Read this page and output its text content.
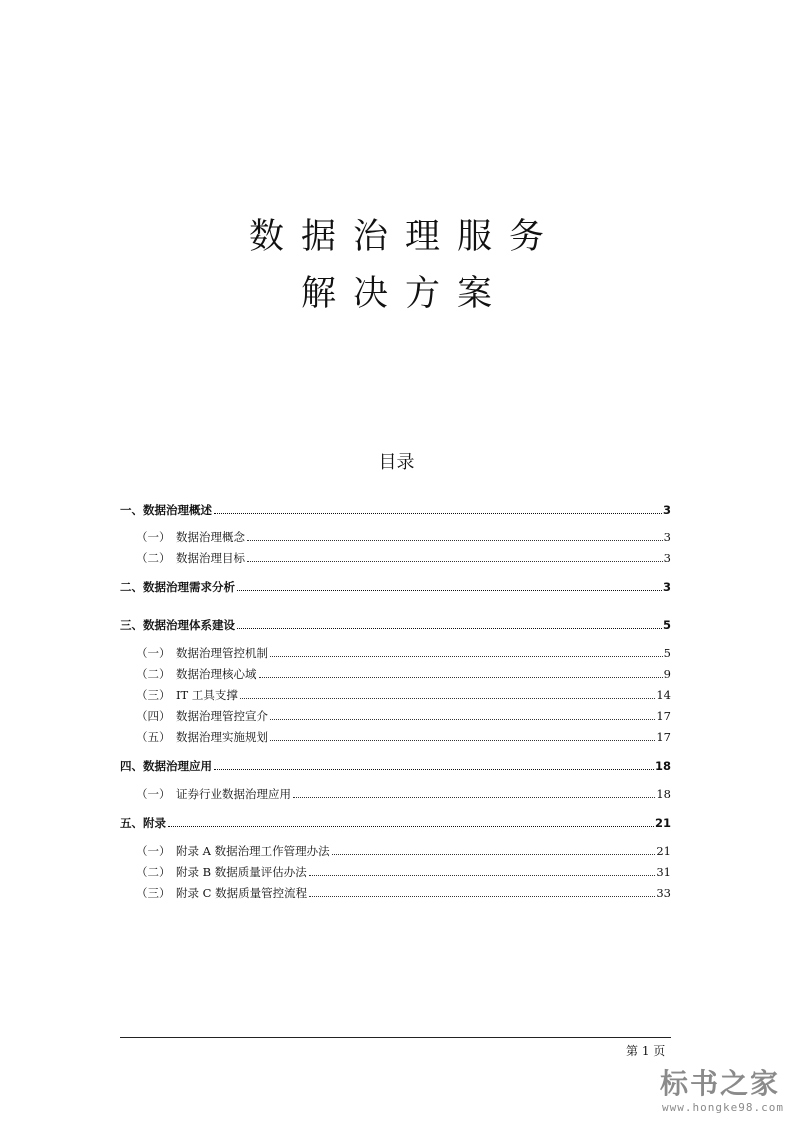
数据治理服务
解决方案
目录
一、 数据治理概述	3
（一） 数据治理概念	3
（二） 数据治理目标	3
二、 数据治理需求分析	3
三、 数据治理体系建设	5
（一） 数据治理管控机制	5
（二） 数据治理核心域	9
（三） IT 工具支撑	14
（四） 数据治理管控宣介	17
（五） 数据治理实施规划	17
四、 数据治理应用	18
（一） 证券行业数据治理应用	18
五、 附录	21
（一） 附录 A 数据治理工作管理办法	21
（二） 附录 B 数据质量评估办法	31
（三） 附录 C 数据质量管控流程	33
第 1 页
标书之家
www.hongke98.com
